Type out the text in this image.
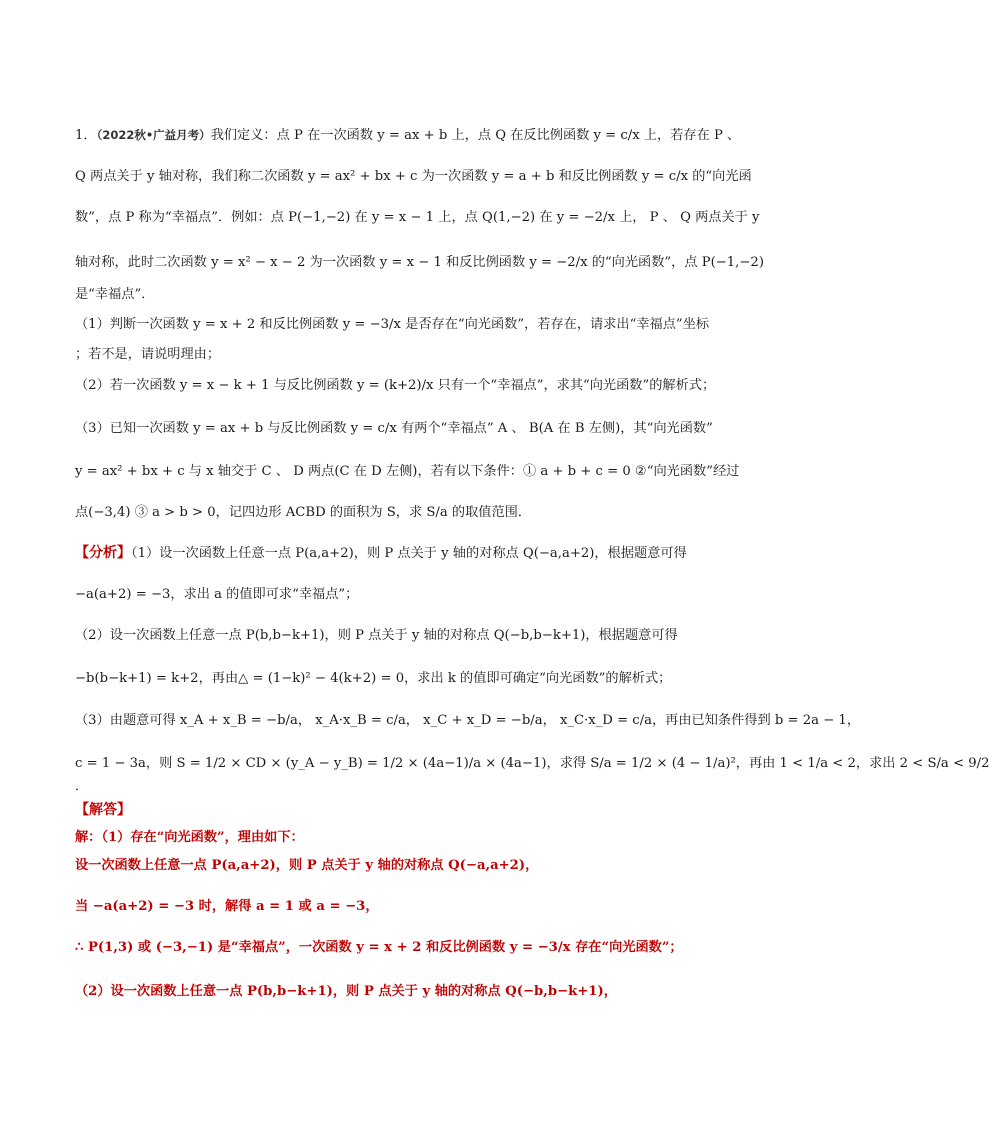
1．（2022秋•广益月考）我们定义：点 P 在一次函数 y = ax + b 上，点 Q 在反比例函数 y = c/x 上，若存在 P 、
Q 两点关于 y 轴对称，我们称二次函数 y = ax² + bx + c 为一次函数 y = a + b 和反比例函数 y = c/x 的“向光函
数”，点 P 称为“幸福点”．例如：点 P(−1,−2) 在 y = x − 1 上，点 Q(1,−2) 在 y = −2/x 上， P 、 Q 两点关于 y
轴对称，此时二次函数 y = x² − x − 2 为一次函数 y = x − 1 和反比例函数 y = −2/x 的“向光函数”，点 P(−1,−2)
是“幸福点”．
（1）判断一次函数 y = x + 2 和反比例函数 y = −3/x 是否存在“向光函数”，若存在，请求出“幸福点”坐标
；若不是，请说明理由；
（2）若一次函数 y = x − k + 1 与反比例函数 y = (k+2)/x 只有一个“幸福点”，求其“向光函数”的解析式；
（3）已知一次函数 y = ax + b 与反比例函数 y = c/x 有两个“幸福点” A 、 B(A 在 B 左侧)，其“向光函数”
y = ax² + bx + c 与 x 轴交于 C 、 D 两点(C 在 D 左侧)，若有以下条件：① a + b + c = 0 ②“向光函数”经过
点(−3,4) ③ a > b > 0，记四边形 ACBD 的面积为 S，求 S/a 的取值范围．
【分析】（1）设一次函数上任意一点 P(a,a+2)，则 P 点关于 y 轴的对称点 Q(−a,a+2)，根据题意可得
−a(a+2) = −3，求出 a 的值即可求“幸福点”；
（2）设一次函数上任意一点 P(b,b−k+1)，则 P 点关于 y 轴的对称点 Q(−b,b−k+1)，根据题意可得
−b(b−k+1) = k+2，再由△ = (1−k)² − 4(k+2) = 0，求出 k 的值即可确定“向光函数”的解析式；
（3）由题意可得 x_A + x_B = −b/a， x_A·x_B = c/a， x_C + x_D = −b/a， x_C·x_D = c/a，再由已知条件得到 b = 2a − 1，
c = 1 − 3a，则 S = 1/2 × CD × (y_A − y_B) = 1/2 × (4a−1)/a × (4a−1)，求得 S/a = 1/2 × (4 − 1/a)²，再由 1 < 1/a < 2，求出 2 < S/a < 9/2
．
【解答】
解：（1）存在“向光函数”，理由如下：
设一次函数上任意一点 P(a,a+2)，则 P 点关于 y 轴的对称点 Q(−a,a+2)，
当 −a(a+2) = −3 时，解得 a = 1 或 a = −3，
∴ P(1,3) 或 (−3,−1) 是“幸福点”，一次函数 y = x + 2 和反比例函数 y = −3/x 存在“向光函数”；
（2）设一次函数上任意一点 P(b,b−k+1)，则 P 点关于 y 轴的对称点 Q(−b,b−k+1)，
